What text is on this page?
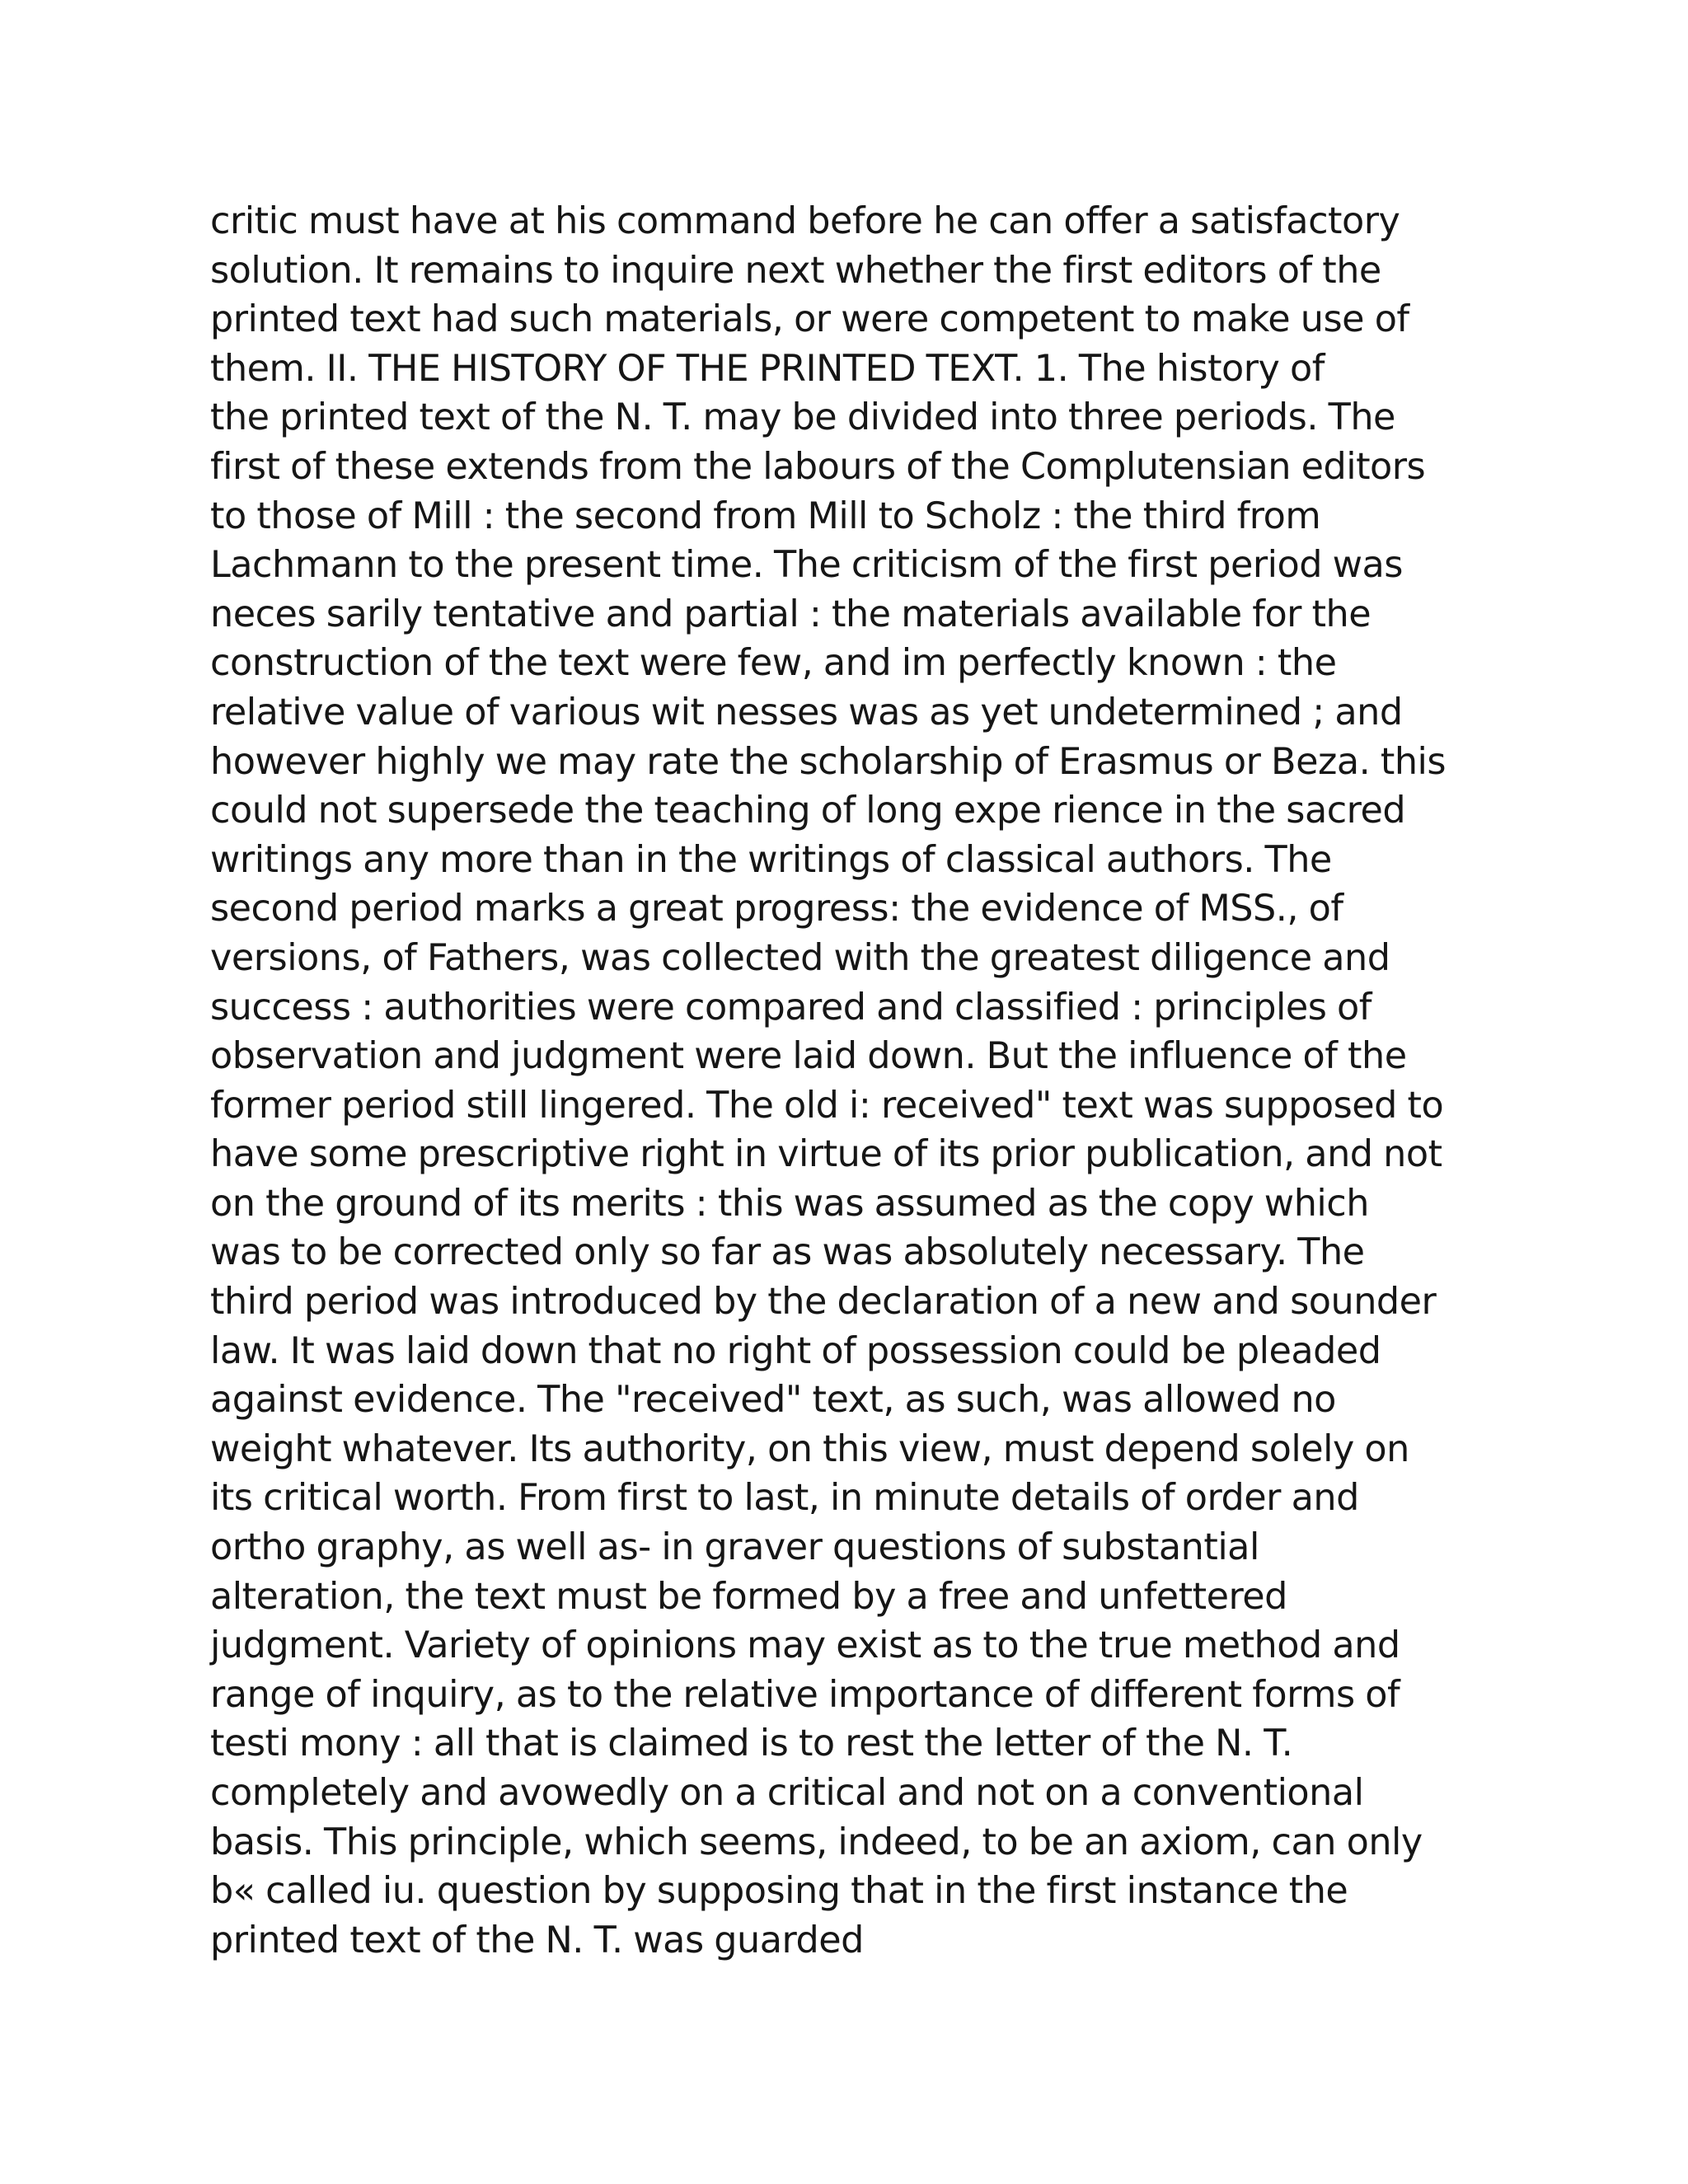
critic must have at his command before he can offer a satisfactory
solution. It remains to inquire next whether the first editors of the
printed text had such materials, or were competent to make use of
them. II. THE HISTORY OF THE PRINTED TEXT. 1. The history of
the printed text of the N. T. may be divided into three periods. The
first of these extends from the labours of the Complutensian editors
to those of Mill : the second from Mill to Scholz : the third from
Lachmann to the present time. The criticism of the first period was
neces sarily tentative and partial : the materials available for the
construction of the text were few, and im perfectly known : the
relative value of various wit nesses was as yet undetermined ; and
however highly we may rate the scholarship of Erasmus or Beza. this
could not supersede the teaching of long expe rience in the sacred
writings any more than in the writings of classical authors. The
second period marks a great progress: the evidence of MSS., of
versions, of Fathers, was collected with the greatest diligence and
success : authorities were compared and classified : principles of
observation and judgment were laid down. But the influence of the
former period still lingered. The old i: received" text was supposed to
have some prescriptive right in virtue of its prior publication, and not
on the ground of its merits : this was assumed as the copy which
was to be corrected only so far as was absolutely necessary. The
third period was introduced by the declaration of a new and sounder
law. It was laid down that no right of possession could be pleaded
against evidence. The "received" text, as such, was allowed no
weight whatever. Its authority, on this view, must depend solely on
its critical worth. From first to last, in minute details of order and
ortho graphy, as well as- in graver questions of substantial
alteration, the text must be formed by a free and unfettered
judgment. Variety of opinions may exist as to the true method and
range of inquiry, as to the relative importance of different forms of
testi mony : all that is claimed is to rest the letter of the N. T.
completely and avowedly on a critical and not on a conventional
basis. This principle, which seems, indeed, to be an axiom, can only
b« called iu. question by supposing that in the first instance the
printed text of the N. T. was guarded
